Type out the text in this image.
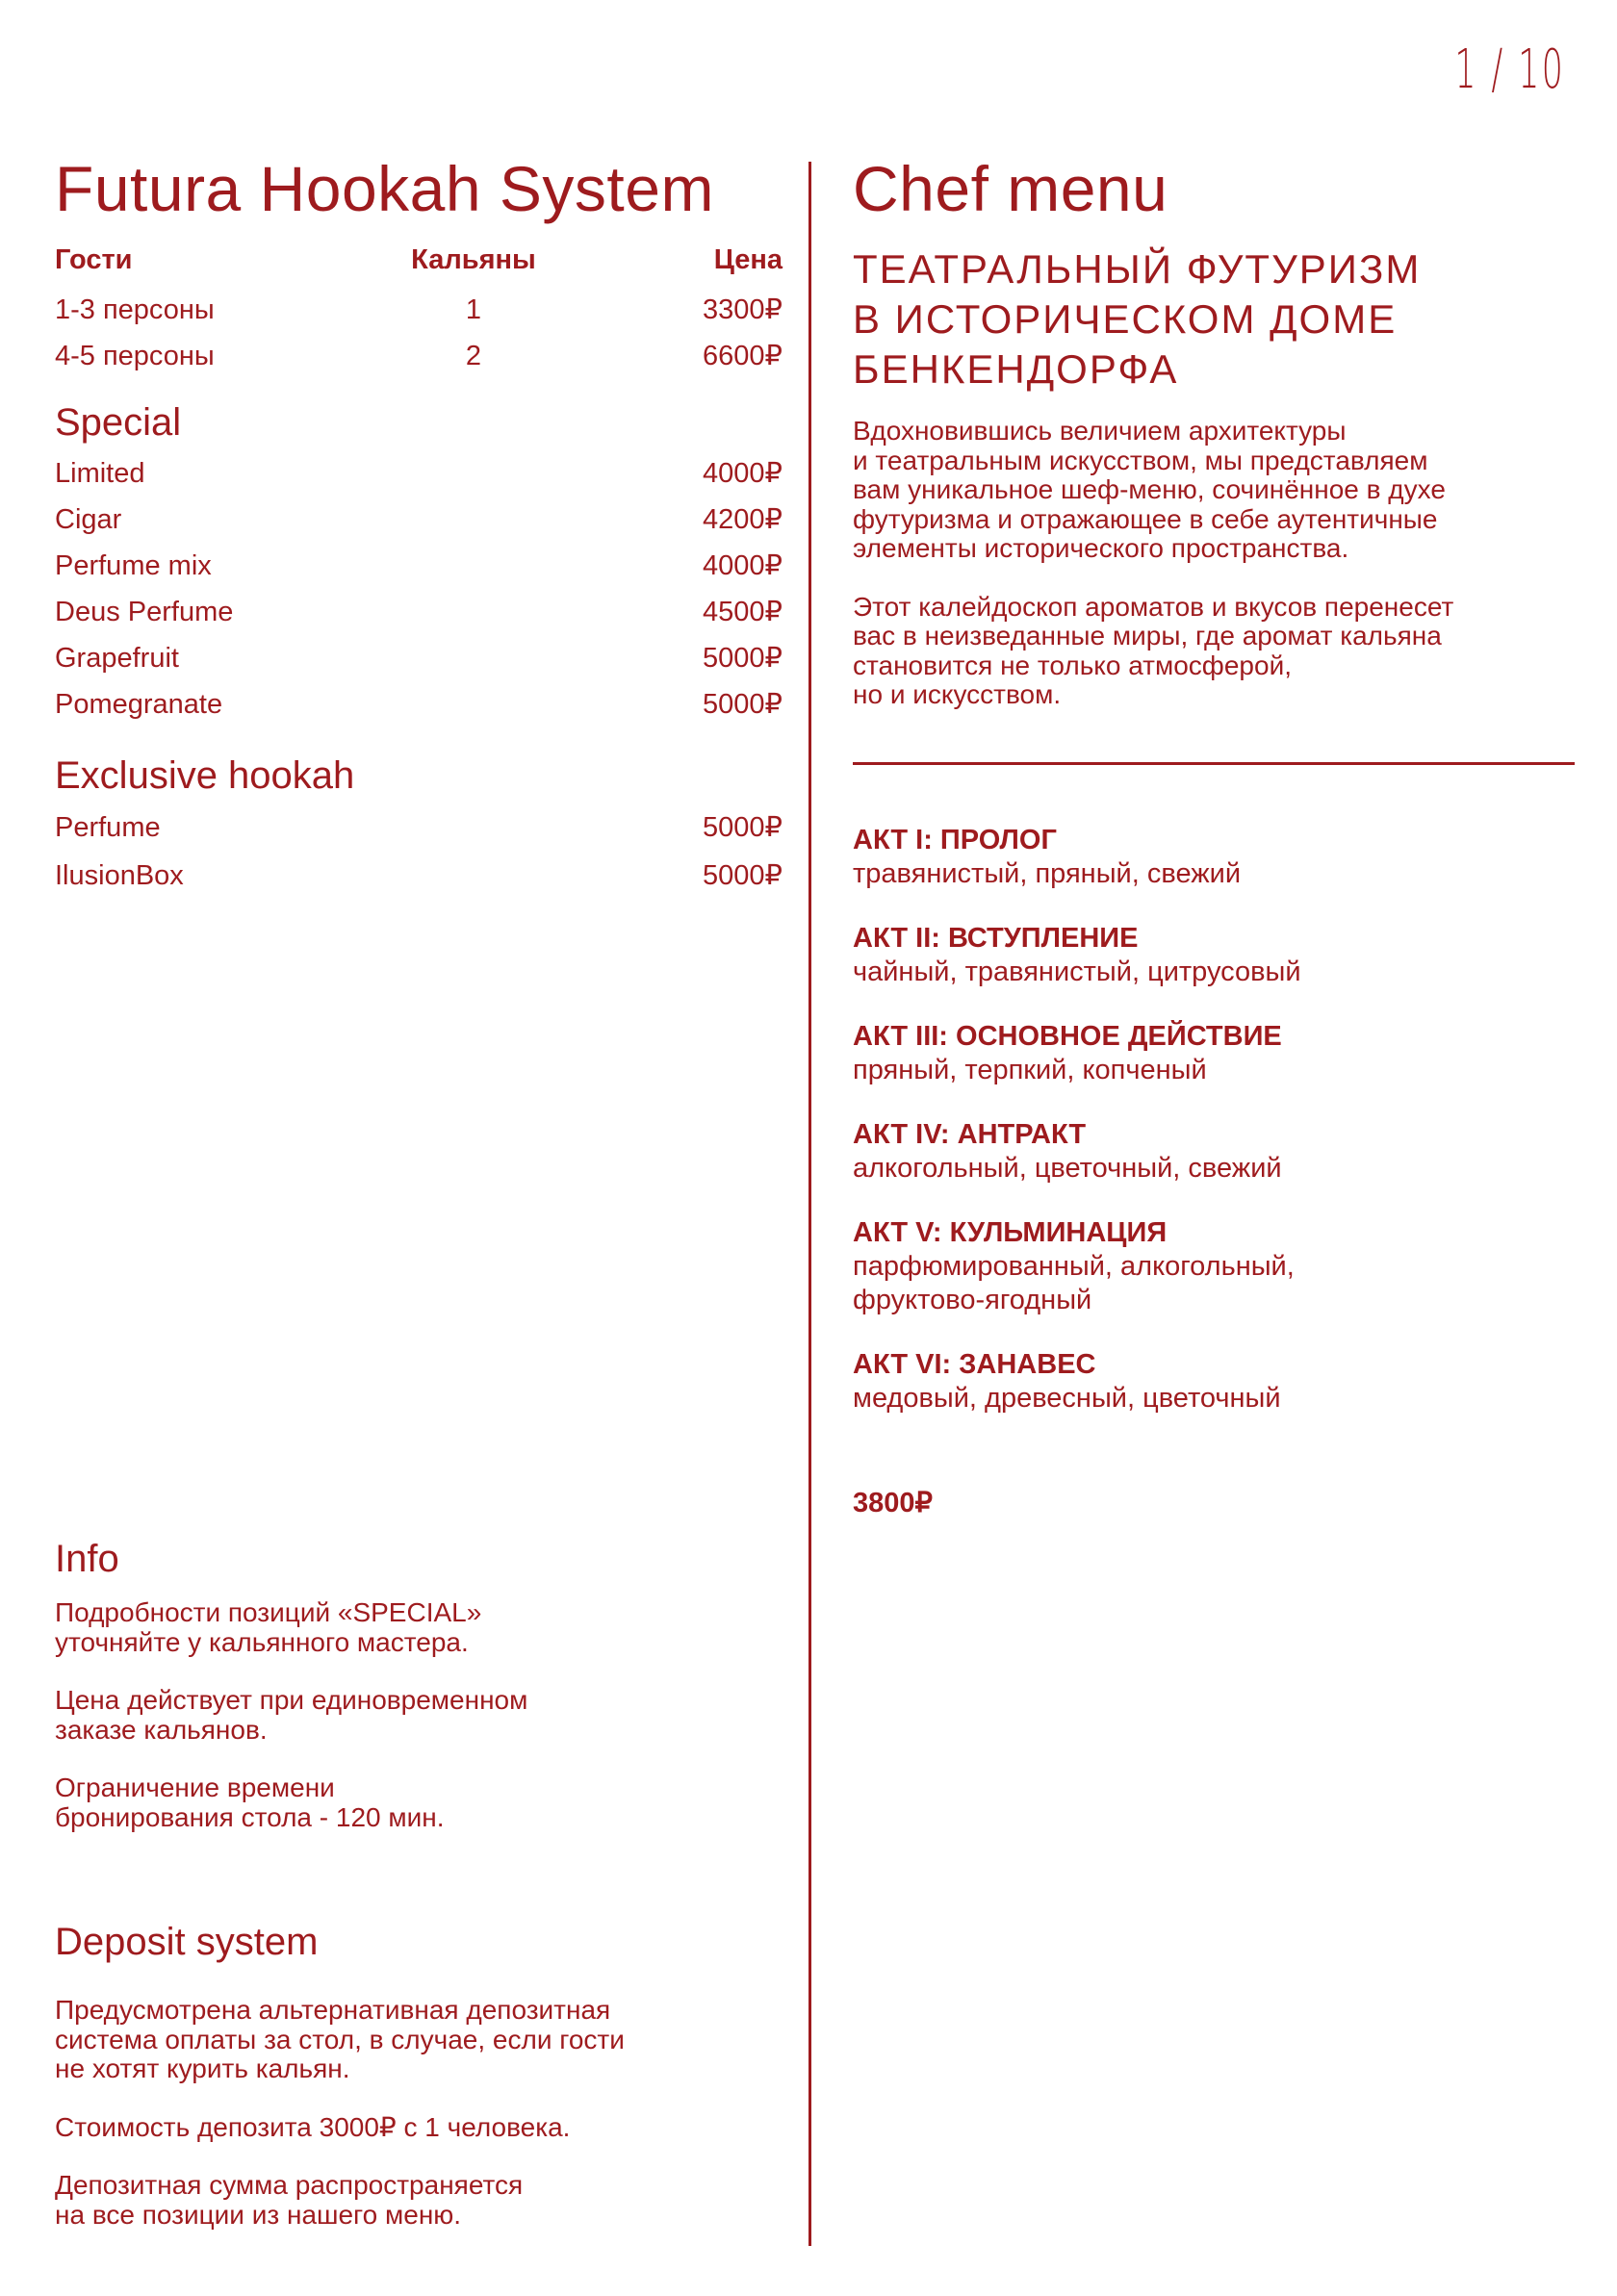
1 / 10
Futura Hookah System
Гости	Кальяны	Цена
1-3 персоны	1	3300₽
4-5 персоны	2	6600₽
Special
Limited	4000₽
Cigar	4200₽
Perfume mix	4000₽
Deus Perfume	4500₽
Grapefruit	5000₽
Pomegranate	5000₽
Exclusive hookah
Perfume	5000₽
IlusionBox	5000₽
Info

Подробности позиций «SPECIAL»
уточняйте у кальянного мастера.

Цена действует при единовременном
заказе кальянов.

Ограничение времени
бронирования стола - 120 мин.

Deposit system

Предусмотрена альтернативная депозитная
система оплаты за стол, в случае, если гости
не хотят курить кальян.

Стоимость депозита 3000₽ с 1 человека.

Депозитная сумма распространяется
на все позиции из нашего меню.

Chef menu

ТЕАТРАЛЬНЫЙ ФУТУРИЗМ
В ИСТОРИЧЕСКОМ ДОМЕ
БЕНКЕНДОРФА

Вдохновившись величием архитектуры
и театральным искусством, мы представляем
вам уникальное шеф-меню, сочинённое в духе
футуризма и отражающее в себе аутентичные
элементы исторического пространства.

Этот калейдоскоп ароматов и вкусов перенесет
вас в неизведанные миры, где аромат кальяна
становится не только атмосферой,
но и искусством.

АКТ I: ПРОЛОГ
травянистый, пряный, свежий
АКТ II: ВСТУПЛЕНИЕ
чайный, травянистый, цитрусовый
АКТ III: ОСНОВНОЕ ДЕЙСТВИЕ
пряный, терпкий, копченый
АКТ IV: АНТРАКТ
алкогольный, цветочный, свежий
АКТ V: КУЛЬМИНАЦИЯ
парфюмированный, алкогольный,
фруктово-ягодный
АКТ VI: ЗАНАВЕС
медовый, древесный, цветочный
3800₽
